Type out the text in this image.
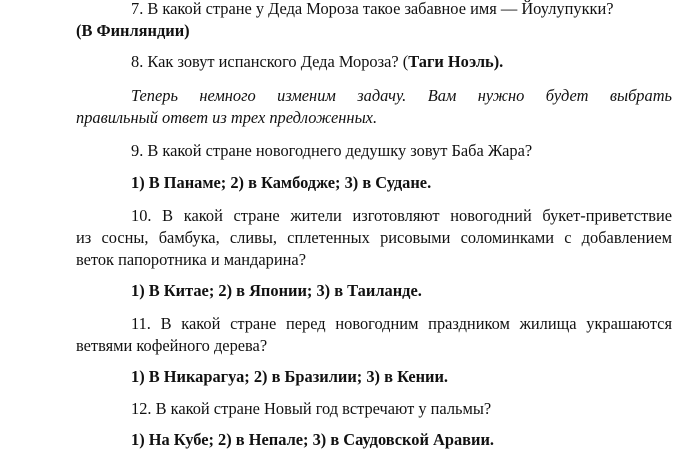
7. В какой стране у Деда Мороза такое забавное имя — Йоулупукки?
(В Финляндии)
8. Как зовут испанского Деда Мороза? (Таги Ноэль).
Теперь немного изменим задачу. Вам нужно будет выбрать
правильный ответ из трех предложенных.
9. В какой стране новогоднего дедушку зовут Баба Жара?
1) В Панаме; 2) в Камбодже; 3) в Судане.
10. В какой стране жители изготовляют новогодний букет-приветствие
из сосны, бамбука, сливы, сплетенных рисовыми соломинками с добавлением
веток папоротника и мандарина?
1) В Китае; 2) в Японии; 3) в Таиланде.
11. В какой стране перед новогодним праздником жилища украшаются
ветвями кофейного дерева?
1) В Никарагуа; 2) в Бразилии; 3) в Кении.
12. В какой стране Новый год встречают у пальмы?
1) На Кубе; 2) в Непале; 3) в Саудовской Аравии.
